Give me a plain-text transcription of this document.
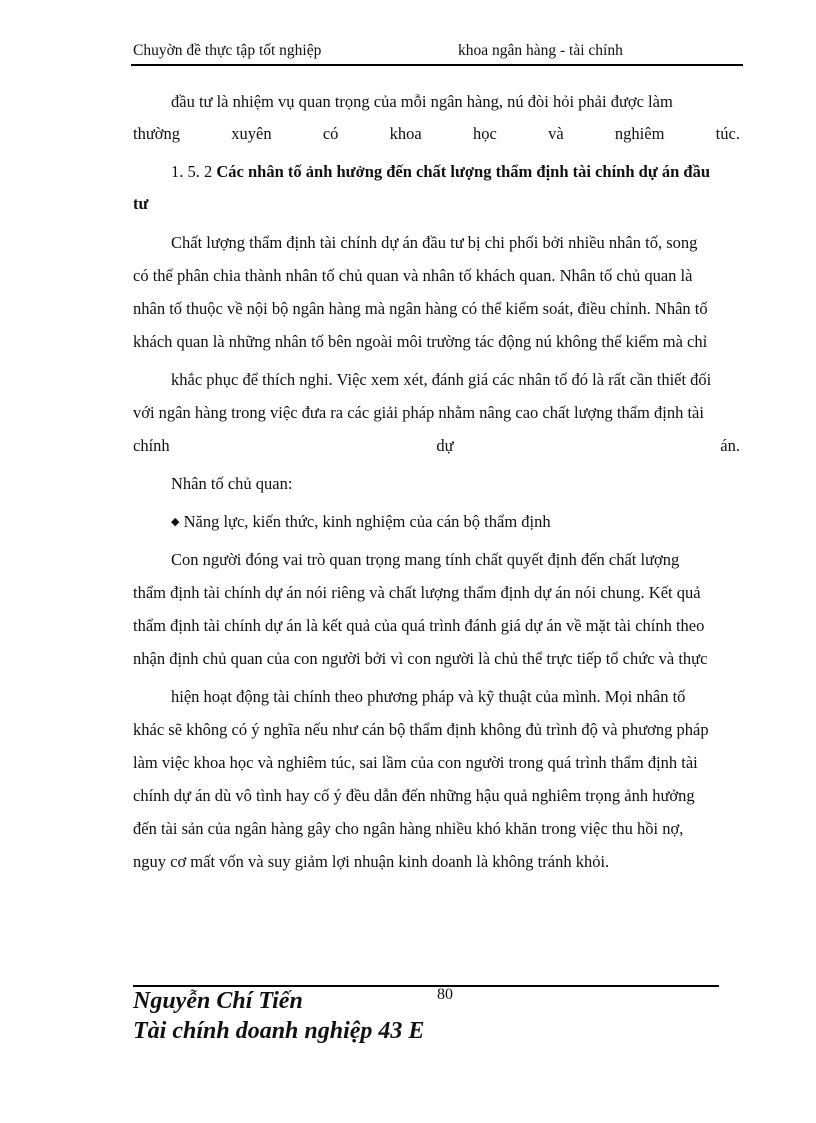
Chuyờn đề thực tập tốt nghiệp	khoa ngân hàng - tài chính
đầu tư là nhiệm vụ quan trọng của mỗi ngân hàng, nú đòi hỏi phải được làm
thường	xuyên	có	khoa	học	và	nghiêm	túc.
1. 5. 2 Các nhân tố ảnh hưởng đến chất lượng thẩm định tài chính dự án đầu
tư
Chất lượng thẩm định tài chính dự án đầu tư bị chi phối bởi nhiều nhân tố, song
có thể phân chia thành nhân tố chủ quan và nhân tố khách quan. Nhân tố chủ quan là
nhân tố thuộc về nội bộ ngân hàng mà ngân hàng có thể kiểm soát, điều chỉnh. Nhân tố
khách quan là những nhân tố bên ngoài môi trường tác động nú không thể kiểm mà chỉ
khắc phục để thích nghi. Việc xem xét, đánh giá các nhân tố đó là rất cần thiết đối
với ngân hàng trong việc đưa ra các giải pháp nhằm nâng cao chất lượng thẩm định tài
chính	dự	án.
Nhân tố chủ quan:
◆ Năng lực, kiến thức, kinh nghiệm của cán bộ thẩm định
Con người đóng vai trò quan trọng mang tính chất quyết định đến chất lượng
thẩm định tài chính dự án nói riêng và chất lượng thẩm định dự án nói chung. Kết quả
thẩm định tài chính dự án là kết quả của quá trình đánh giá dự án về mặt tài chính theo
nhận định chủ quan của con người bởi vì con người là chủ thể trực tiếp tổ chức và thực
hiện hoạt động tài chính theo phương pháp và kỹ thuật của mình. Mọi nhân tố
khác sẽ không có ý nghĩa nếu như cán bộ thẩm định không đủ trình độ và phương pháp
làm việc khoa học và nghiêm túc, sai lầm của con người trong quá trình thẩm định tài
chính dự án dù vô tình hay cố ý đều dẫn đến những hậu quả nghiêm trọng ảnh hưởng
đến tài sản của ngân hàng gây cho ngân hàng nhiều khó khăn trong việc thu hồi nợ,
nguy cơ mất vốn và suy giảm lợi nhuận kinh doanh là không tránh khỏi.
80
Nguyễn Chí Tiến
Tài chính doanh nghiệp 43 E
